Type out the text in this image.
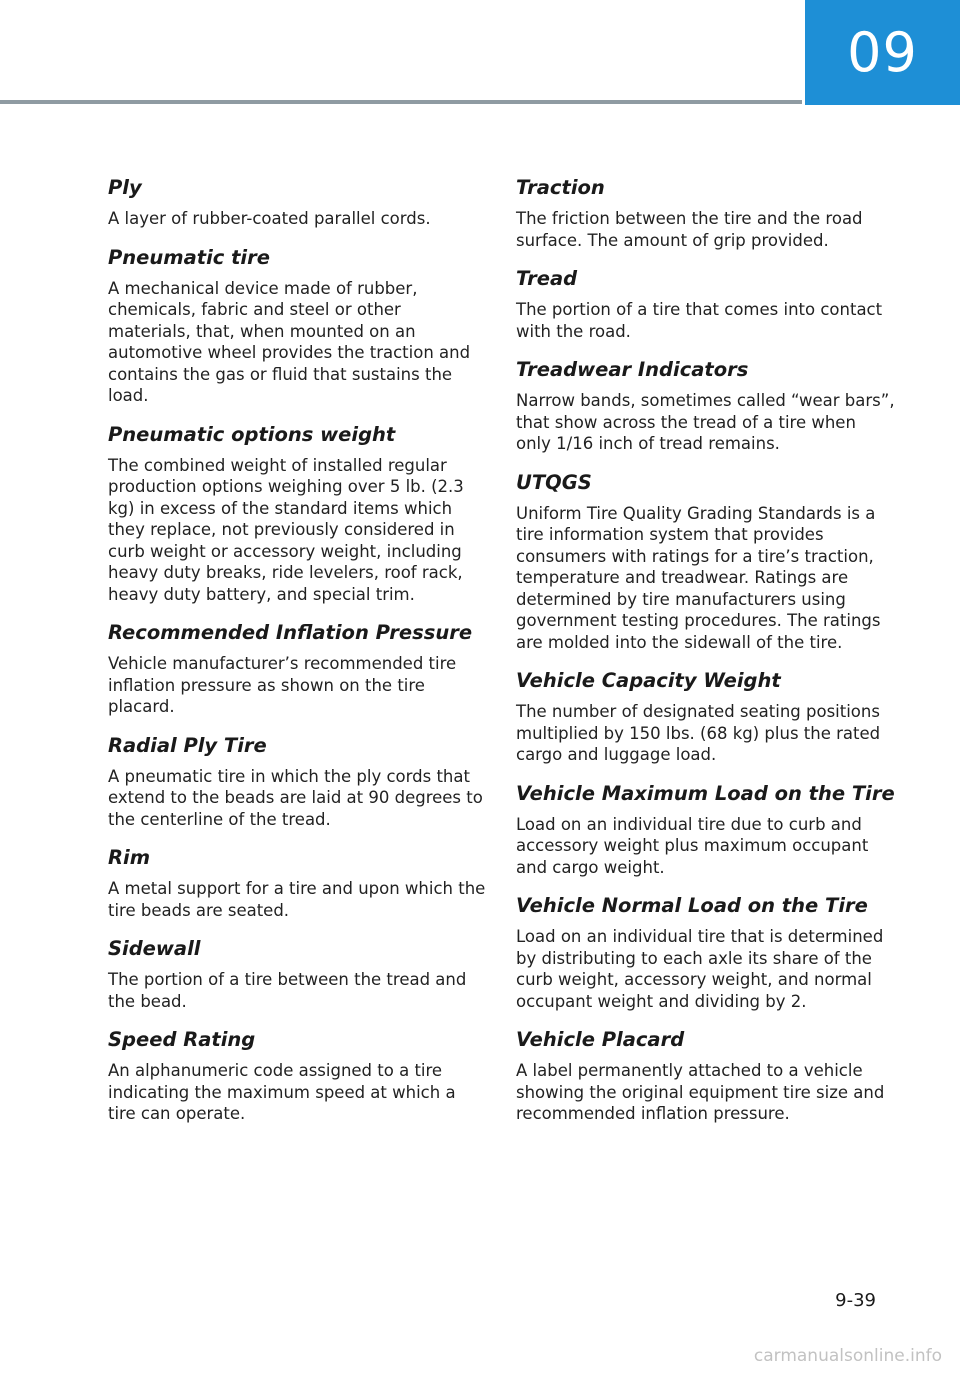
09
Ply

A layer of rubber-coated parallel cords.

Pneumatic tire

A mechanical device made of rubber, chemicals, fabric and steel or other materials, that, when mounted on an automotive wheel provides the traction and contains the gas or fluid that sustains the load.

Pneumatic options weight

The combined weight of installed regular production options weighing over 5 lb. (2.3 kg) in excess of the standard items which they replace, not previously considered in curb weight or accessory weight, including heavy duty breaks, ride levelers, roof rack, heavy duty battery, and special trim.

Recommended Inflation Pressure

Vehicle manufacturer’s recommended tire inflation pressure as shown on the tire placard.

Radial Ply Tire

A pneumatic tire in which the ply cords that extend to the beads are laid at 90 degrees to the centerline of the tread.

Rim

A metal support for a tire and upon which the tire beads are seated.

Sidewall

The portion of a tire between the tread and the bead.

Speed Rating

An alphanumeric code assigned to a tire indicating the maximum speed at which a tire can operate.

Traction

The friction between the tire and the road surface. The amount of grip provided.

Tread

The portion of a tire that comes into contact with the road.

Treadwear Indicators

Narrow bands, sometimes called “wear bars”, that show across the tread of a tire when only 1/16 inch of tread remains.

UTQGS

Uniform Tire Quality Grading Standards is a tire information system that provides consumers with ratings for a tire’s traction, temperature and treadwear. Ratings are determined by tire manufacturers using government testing procedures. The ratings are molded into the sidewall of the tire.

Vehicle Capacity Weight

The number of designated seating positions multiplied by 150 lbs. (68 kg) plus the rated cargo and luggage load.

Vehicle Maximum Load on the Tire

Load on an individual tire due to curb and accessory weight plus maximum occupant and cargo weight.

Vehicle Normal Load on the Tire

Load on an individual tire that is determined by distributing to each axle its share of the curb weight, accessory weight, and normal occupant weight and dividing by 2.

Vehicle Placard

A label permanently attached to a vehicle showing the original equipment tire size and recommended inflation pressure.

9-39
carmanualsonline.info
